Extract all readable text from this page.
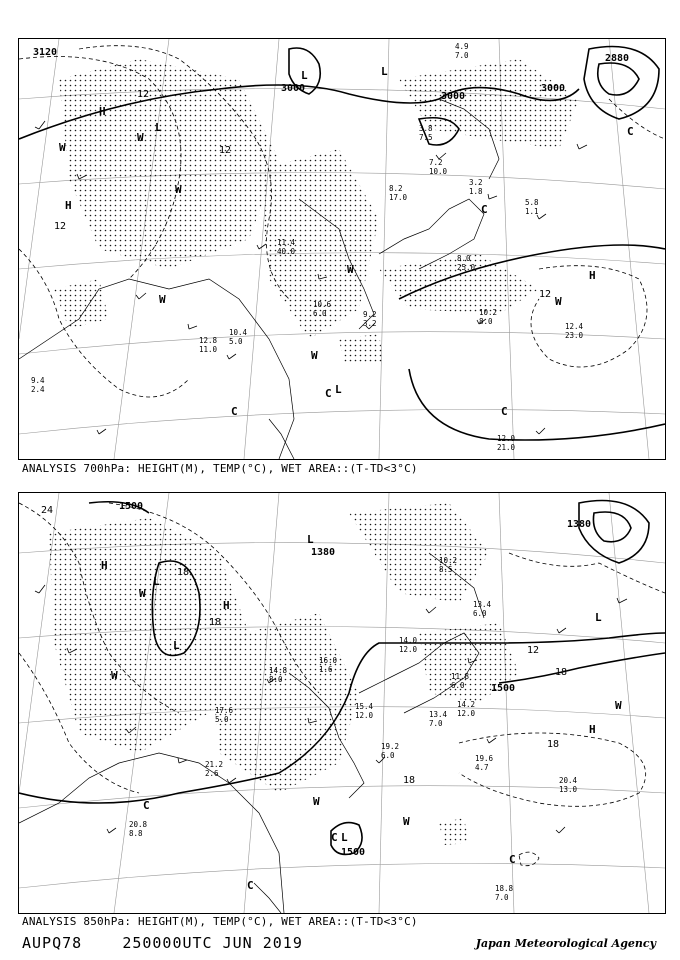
3120
3000
3000
3000
2880
12
12
12
12
H
H
H
L
L	L
L
W
W
W
W
W
W
W
C
C
C
C
C
10.2
8.0
12.4
23.0
12.0
21.0
10.4
5.0
8.2
17.0
9.2
3.2
7.2
10.0
5.8
1.1
11.4
40.0
10.6
6.0
8.0
25.0
3.8
7.5
12.8
11.0
4.9
7.0
3.2
1.8
9.4
2.4
ANALYSIS 700hPa: HEIGHT(M), TEMP(°C), WET AREA::(T-TD<3°C)
1500
1500
1500
1380
1380
24
18
18
18
18
18
12
H
H
H
L
L
L
L
L
W
W
W
W
W
C
C
C
C
20.4
13.0
19.6
4.7
18.8
7.0
14.2
12.0
13.4
7.0
15.4
12.0
14.8
8.0
19.2
6.0
20.8
8.8
16.0
1.6
13.4
6.0
10.2
8.5
14.0
12.0
11.8
6.0
21.2
2.6
17.6
5.0
ANALYSIS 850hPa: HEIGHT(M), TEMP(°C), WET AREA::(T-TD<3°C)
AUPQ78	250000UTC JUN 2019	Japan Meteorological Agency
